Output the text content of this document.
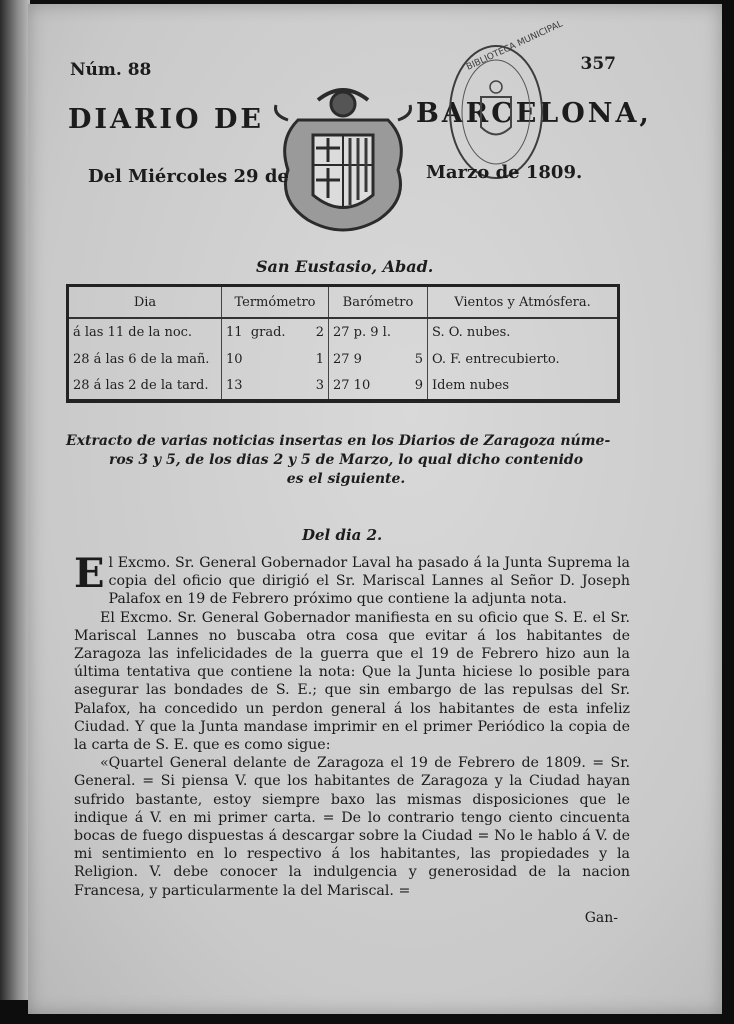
Núm. 88	357
DIARIO DE	BARCELONA,
BIBLIOTECA MUNICIPAL
Del Miércoles 29 de	Marzo de 1809.
San Eustasio, Abad.
Dia	Termómetro	Barómetro	Vientos y Atmósfera.
á las 11 de la noc.	11 grad. 2	27 p. 9 l.	S. O. nubes.
28 á las 6 de la mañ.	10 1	27 9 5	O. F. entrecubierto.
28 á las 2 de la tard.	13 3	27 10 9	Idem nubes
Extracto de varias noticias insertas en los Diarios de Zaragoza núme-
ros 3 y 5, de los dias 2 y 5 de Marzo, lo qual dicho contenido
es el siguiente.
Del dia 2.

El Excmo. Sr. General Gobernador Laval ha pasado á la Junta Suprema la copia del oficio que dirigió el Sr. Mariscal Lannes al Señor D. Joseph Palafox en 19 de Febrero próximo que contiene la adjunta nota.

El Excmo. Sr. General Gobernador manifiesta en su oficio que S. E. el Sr. Mariscal Lannes no buscaba otra cosa que evitar á los habitantes de Zaragoza las infelicidades de la guerra que el 19 de Febrero hizo aun la última tentativa que contiene la nota: Que la Junta hiciese lo posible para asegurar las bondades de S. E.; que sin embargo de las repulsas del Sr. Palafox, ha concedido un perdon general á los habitantes de esta infeliz Ciudad. Y que la Junta mandase imprimir en el primer Periódico la copia de la carta de S. E. que es como sigue:

«Quartel General delante de Zaragoza el 19 de Febrero de 1809. = Sr. General. = Si piensa V. que los habitantes de Zaragoza y la Ciudad hayan sufrido bastante, estoy siempre baxo las mismas disposiciones que le indique á V. en mi primer carta. = De lo contrario tengo ciento cincuenta bocas de fuego dispuestas á descargar sobre la Ciudad = No le hablo á V. de mi sentimiento en lo respectivo á los habitantes, las propiedades y la Religion. V. debe conocer la indulgencia y generosidad de la nacion Francesa, y particularmente la del Mariscal. =

Gan-
